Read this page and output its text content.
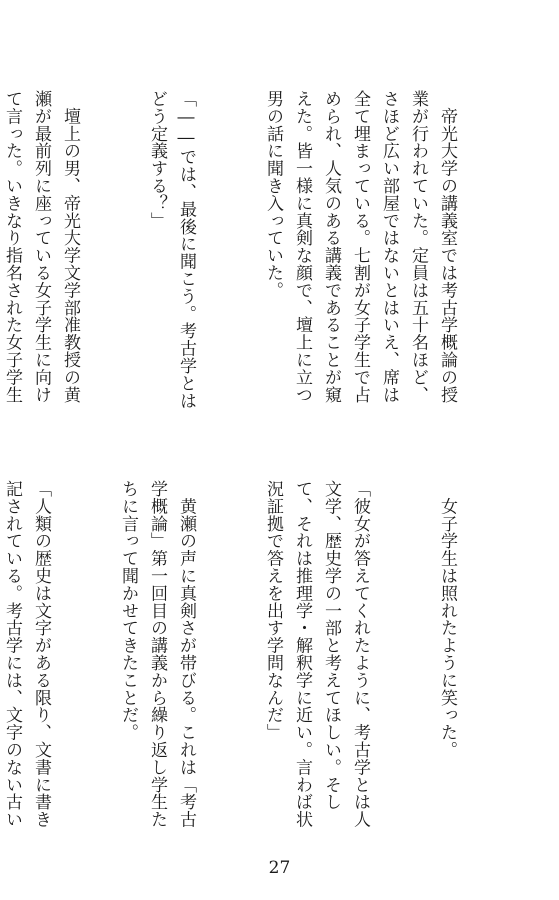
　帝光大学の講義室では考古学概論の授業が行われていた。定員は五十名ほど、さほど広い部屋ではないとはいえ、席は全て埋まっている。七割が女子学生で占められ、人気のある講義であることが窺えた。皆一様に真剣な顔で、壇上に立つ男の話に聞き入っていた。

「――では、最後に聞こう。考古学とはどう定義する？」

　壇上の男、帝光大学文学部准教授の黄瀬が最前列に座っている女子学生に向けて言った。いきなり指名された女子学生

　女子学生は照れたように笑った。

「彼女が答えてくれたように、考古学とは人文学、歴史学の一部と考えてほしい。そして、それは推理学・解釈学に近い。言わば状況証拠で答えを出す学問なんだ」

　黄瀬の声に真剣さが帯びる。これは「考古学概論」第一回目の講義から繰り返し学生たちに言って聞かせてきたことだ。

「人類の歴史は文字がある限り、文書に書き記されている。考古学には、文字のない古い

27
